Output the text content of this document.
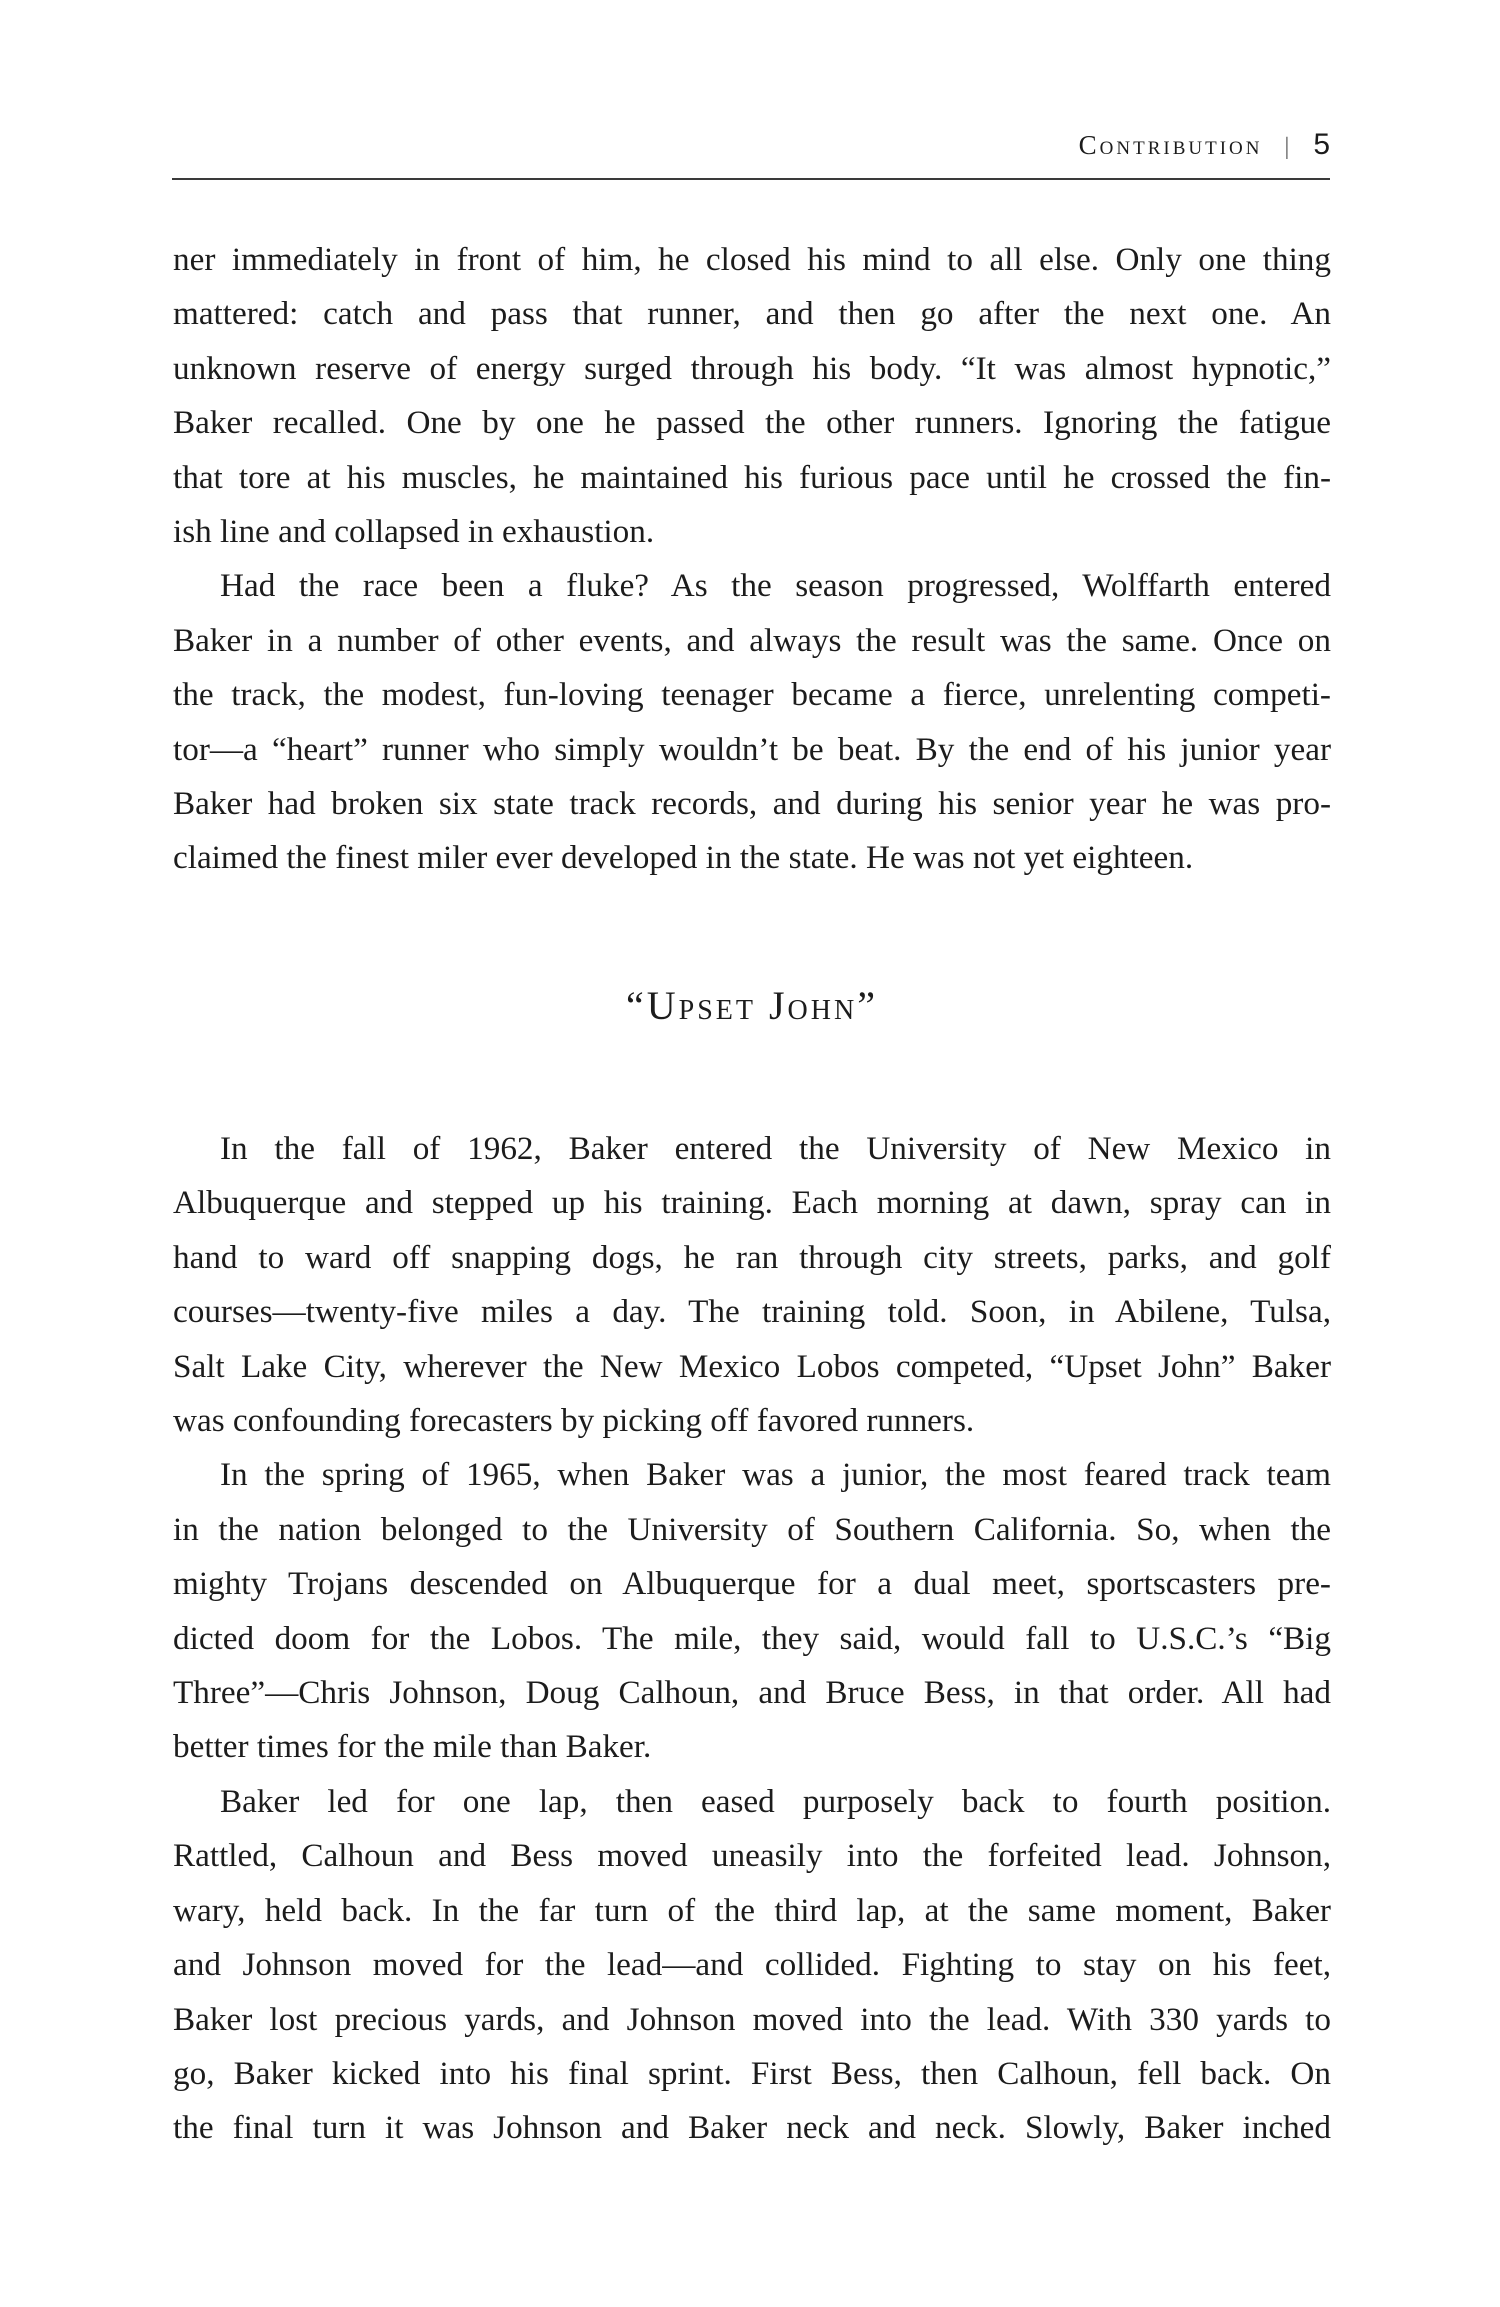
Contribution | 5

ner immediately in front of him, he closed his mind to all else. Only one thing
mattered: catch and pass that runner, and then go after the next one. An
unknown reserve of energy surged through his body. “It was almost hypnotic,”
Baker recalled. One by one he passed the other runners. Ignoring the fatigue
that tore at his muscles, he maintained his furious pace until he crossed the fin-
ish line and collapsed in exhaustion.

Had the race been a fluke? As the season progressed, Wolffarth entered
Baker in a number of other events, and always the result was the same. Once on
the track, the modest, fun-loving teenager became a fierce, unrelenting competi-
tor—a “heart” runner who simply wouldn’t be beat. By the end of his junior year
Baker had broken six state track records, and during his senior year he was pro-
claimed the finest miler ever developed in the state. He was not yet eighteen.

“Upset John”

In the fall of 1962, Baker entered the University of New Mexico in
Albuquerque and stepped up his training. Each morning at dawn, spray can in
hand to ward off snapping dogs, he ran through city streets, parks, and golf
courses—twenty-five miles a day. The training told. Soon, in Abilene, Tulsa,
Salt Lake City, wherever the New Mexico Lobos competed, “Upset John” Baker
was confounding forecasters by picking off favored runners.

In the spring of 1965, when Baker was a junior, the most feared track team
in the nation belonged to the University of Southern California. So, when the
mighty Trojans descended on Albuquerque for a dual meet, sportscasters pre-
dicted doom for the Lobos. The mile, they said, would fall to U.S.C.’s “Big
Three”—Chris Johnson, Doug Calhoun, and Bruce Bess, in that order. All had
better times for the mile than Baker.

Baker led for one lap, then eased purposely back to fourth position.
Rattled, Calhoun and Bess moved uneasily into the forfeited lead. Johnson,
wary, held back. In the far turn of the third lap, at the same moment, Baker
and Johnson moved for the lead—and collided. Fighting to stay on his feet,
Baker lost precious yards, and Johnson moved into the lead. With 330 yards to
go, Baker kicked into his final sprint. First Bess, then Calhoun, fell back. On
the final turn it was Johnson and Baker neck and neck. Slowly, Baker inched
